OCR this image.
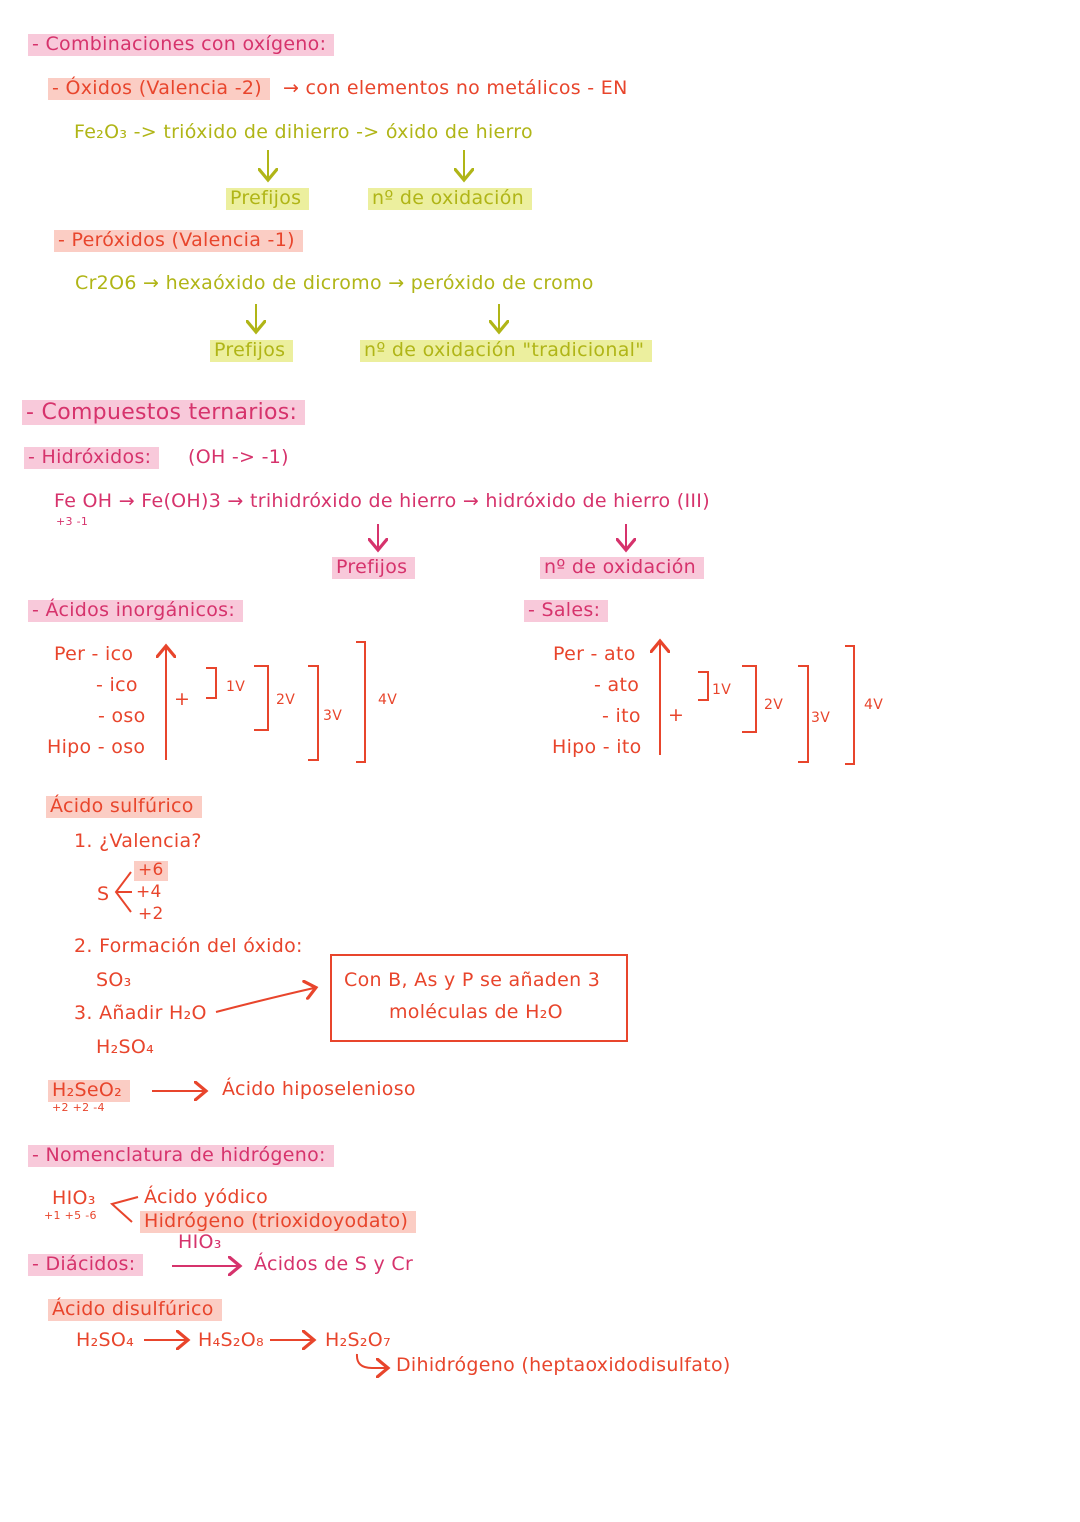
- Combinaciones con oxígeno:
- Óxidos (Valencia -2)	→ con elementos no metálicos - EN
Fe₂O₃ -> trióxido de dihierro -> óxido de hierro
Prefijos	nº de oxidación
- Peróxidos (Valencia -1)
Cr2O6 → hexaóxido de dicromo → peróxido de cromo
Prefijos	nº de oxidación "tradicional"
- Compuestos ternarios:
- Hidróxidos:	(OH -> -1)
Fe OH → Fe(OH)3 → trihidróxido de hierro → hidróxido de hierro (III)
+3 -1
Prefijos	nº de oxidación
- Ácidos inorgánicos:
Per - ico
- ico
- oso
Hipo - oso
+
1V
2V
3V
4V
- Sales:
Per - ato
- ato
- ito
Hipo - ito
+
1V
2V
3V
4V
Ácido sulfúrico
1. ¿Valencia?
S
+6
+4
+2
2. Formación del óxido:
SO₃
3. Añadir H₂O
H₂SO₄
Con B, As y P se añaden 3
moléculas de H₂O
H₂SeO₂
+2 +2 -4
Ácido hiposelenioso
- Nomenclatura de hidrógeno:
HIO₃
+1 +5 -6
Ácido yódico
Hidrógeno (trioxidoyodato)
- Diácidos:
HIO₃
Ácidos de S y Cr
Ácido disulfúrico
H₂SO₄	H₄S₂O₈	H₂S₂O₇
Dihidrógeno (heptaoxidodisulfato)
